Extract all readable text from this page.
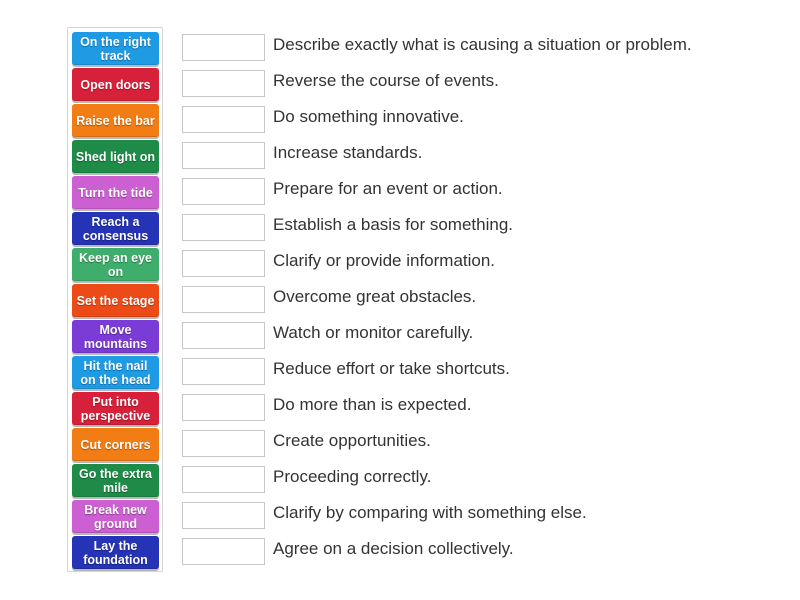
On the right track
Open doors
Raise the bar
Shed light on
Turn the tide
Reach a consensus
Keep an eye on
Set the stage
Move mountains
Hit the nail on the head
Put into perspective
Cut corners
Go the extra mile
Break new ground
Lay the foundation
Describe exactly what is causing a situation or problem.
Reverse the course of events.
Do something innovative.
Increase standards.
Prepare for an event or action.
Establish a basis for something.
Clarify or provide information.
Overcome great obstacles.
Watch or monitor carefully.
Reduce effort or take shortcuts.
Do more than is expected.
Create opportunities.
Proceeding correctly.
Clarify by comparing with something else.
Agree on a decision collectively.
